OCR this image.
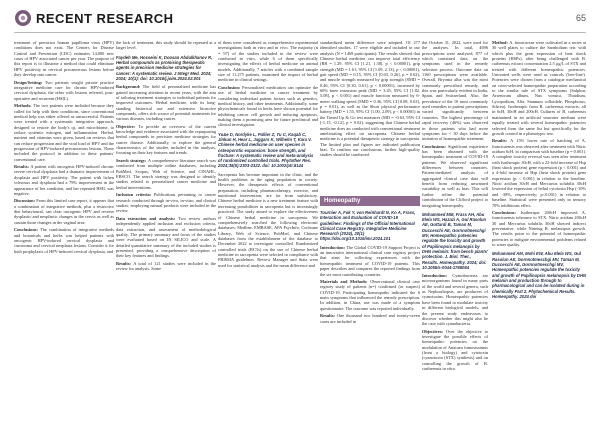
RECENT RESEARCH	65

treatment of precursor human papilloma virus (HPV) conditions does not exist. The Centers for Disease Control and Prevention (CDC) estimates 14,000 new cases of HPV associated cancer per year. The purpose of this report is to illustrate a method that could eliminate HPV positivity in cervical precancerous lesions before they develop into cancer.

Design/Setting: Two patients sought private practice integrative medicine care for chronic HPV-induced cervical dysplasia, the other with lesions referred, post-operative and recurrent (HSIL).

Methods: The two patients were included because they called for help with their conditions, since conventional medical help was either offered as unsuccessful. Patients were treated with a systematic integrative approach, designed to restore the body's qi, and microbiome, to reduce systemic estrogen, and inflammation. Herbal, nutrient and vitamins were given, based on reviews that can reduce progression and the viral load of HPV and the progression of HPV-induced precancerous lesions. These included the protocol in addition to these patients' conventional care.

Results: A patient with oncogenic HPV-induced chronic severe cervical dysplasia had a dramatic improvement of dysplasia and HPV positivity. The patient with lichen sclerosus and dysplasia had a 79% improvement in the appearance of her condition, and her repeated HSIL was negative.

Discussion: From this limited case report, it appears that a combination of integrative methods, plus a restrictive diet behavioural, can clear oncogenic HPV and reverse dysplastic and neoplastic changes in the cervix as well as sustain those changes in the vaginal area.

Conclusions: The combination of integrative methods and botanicals and herbs was helped patients with oncogenic HPV-induced cervical dysplasia and carcinoma and cervical neoplasia lesions. Consider it for both prophylaxis of HPV-induced cervical dysplasia, and

the lack of treatment, this study should be repeated at a larger level.

Faydeh Me, Hosseini K, Doosan Abdulkhanov R, Herbal compounds as promising therapeutic agents in precision medicine strategies for cancer: A systematic review. J Integr Med. 2024; 2024; 10(1): doi: 10.1016/j.joim.2024.02.001

Background: The field of personalized medicine has gained increasing attention in recent years, with the aim of tailoring treatment strategies to individual patients for improved outcomes. Herbal medicine, with its long-standing historical use and extensive bioactive compounds, offers rich source of potential treatments for various diseases, including cancer.

Objective: To provide an overview of the current knowledge and evidence associated with the repurposing herbal compounds in precision medicine strategies for cancer disease. Additionally, to explore the general characteristics of the studies included in the analysis, focusing on their key features and trends.

Search strategy: A comprehensive literature search was conducted from multiple online databases, including PubMed, Scopus, Web of Science, and CINAHL, EBSCO. The search strategy was designed to identify studies related to personalized cancer medicine and herbal interventions.

Inclusion criteria: Publications pertaining to cancer research conducted through in-vivo, in-vitro, and clinical studies, employing natural products were included in the review.

Data extraction and analysis: Two review authors independently applied inclusion and exclusion criteria, data extraction, and assessment of methodological quality. The primary summary and focus of the studies were evaluated based on IN SILICO and scale. A detailed quantitative summary of the included studies is presented, providing a comprehensive description of their key features and findings.

Results: A total of 121 studies were included in the review for analysis. Some

of them were considered as comprehensive experimental investigations both in vitro and in vivo. The majority (n = 97) of the studies included in the review were conducted in vitro, while 6 of them specifically investigating the effects of herbal medicine on animal models. Additionally, 7 articles with a combined sample size of 11,275 patients, examined the impact of herbal medicine in clinical settings.

Conclusion: Personalized medication can optimize the use of herbal medicine in cancer treatment by considering individual patient factors such as genetics, medical history, and other treatments. Additionally, some phytochemicals found in herbs have shown potential for inhibiting cancer cell growth and inducing apoptosis, making them a promising area for future preclinical and clinical investigation.

Yu&e D, Nordyke L, Pallier Z, Yu C, Kaqab C, Jinkun H, Hear L, Jaggars K, Wilhelm T, Kara V. Chinese herbal medicine on user species in osteoporotic expansion: bone strength, and fracture: A systematic review and meta-analysis of randomized controlled trials. Phytother Res. 2024;38(5):2303-2322. doi: 10.1002/ptr.8144

Sarcopenia has become important in the clinic, and the health problems in the aging population in society. However, the therapeutic effects of conventional preparation, including pharmacotherapy, exercise, and nutritional intervention, are far from satisfactory. Chinese herbal medicine is a new treatment feature with increasing possibilities in sarcopenia but is increasingly practiced. The study aimed to explore the effectiveness of Chinese herbal medicine in sarcopenia. We comprehensively searched the following electronic databases: Medline, EMBASE, APA PsycInfo, Cochrane Library, Web of Science, PubMed, and Chinese databases from the establishment of the database to December 2022 to investigate controlled. Randomized controlled trials (RCTs) on the use of Chinese herbal medicine in sarcopenia were selected in compliance with PRISMA guidelines. Review Manager and Stata were used for statistical analysis and the mean difference and

standardized mean difference were adopted. Of 277 identified studies, 17 were eligible and included in our analysis (N = 1469 participants). The results showed that Chinese herbal medicine can improve total efficiency (RR = 1.29, 95% CI [1.21, 1.38], p < 0.00001), grip strength (MD = 1.61, 95% CI [1.09, 2.13], p < 0.00001), gait speed (MD = 0.15, 95% CI [0.03, 0.26], p = 0.02), and muscle strength measured by grip strength (SMD = 0.46, 95% CI [0.30, 0.61], p < 0.00001), increased by 60% knee extension peak (MD = 3.45, 95% CI [1.82, 5.08], p < 0.001) and muscle function measured by 6-meter walking speed (SMD = 0.36, 95% CI [0.08, 0.63], p = 0.01), as well as the Short physical performance battery (MD = 1.55, 95% CI [1.00, 2.09], p < 0.00001) in the Timed Up & Go test measures (MD = -0.63, 95% CI [-1.15, -0.12], p = 0.02), suggesting that Chinese herbal medicine does an conducted with conventional treatment ameliorating effect on sarcopenia. Chinese herbal medicine is a potential therapeutic strategy in sarcopenia. The limited plan and figures are indicated publication bias. To confirm our conclusions, further high-quality studies should be conducted.

Homeopathy
Tournier A, Fok Y, von Reinhardt N, Ko A, Frass, Interaction and Evaluation of COVID-19 guidelines: Findings of the Official International Clinical Case Registry. Integrative Medicine Research (2024), 20(1) https://doi.org/10.1016/imr.2024.101

Introduction: The Global COVID-19 Support Project is an innovative international clinical case registry project that aims for collecting experiences with the homeopathic treatment of COVID-19 patients. This paper describes and compares the reported findings from the six most contributing countries.

Materials and Methods: Observational clinical case registry study of patients (n=) confirmed (or suspect) COVID-19. Participating homeopaths indicated the 6 main symptoms that influenced the remedy prescription. In addition, in China, use was made of a symptom questionnaire. The outcome was reported individually.

Results: One thousand two hundred and twenty-seven cases are included in

the October 31, 2022, were used for the analyses. In total, 4696 prescriptions were analysed, 877 of which contained data on the symptoms used in the remedy selection process. Outcome data on 1160 prescriptions were available. Overall, Bryonia alba was the most commonly prescribed remedy, and this was particularly evident in India, Spain, and Switzerland. Also, the prevalence of the 10 most commonly used remedies to patient prescriptions varied significantly between countries. The highest percentage of rapid recovery (46%) was observed in those patients who had more symptoms for < 30 days before the initiation of homeopathic treatment.

Conclusions: Significant experience has been obtained with the homeopathic treatment of COVID-19 patients. We observed significant differences between countries. Patient-mediated analysis of aggregated clinical case data will benefit from reducing unwanted variability as well as bias. This will further refine the potential contribution of the Clifford project to integrating homeopathy.

Mohammed MM, Frass AH, Abu Elela WS, Hazazi A, Gul Rasolun AE, Gottardi B, Taman M, Ducceschi AE, Gornnotmeschgi MV, Homeopathic potencies regulate the toxicity and growth of Papilinopsis melanopis by DHN melanin: from bench plants' protection. J. Biol. Ther., Results. Homeopathy. 2024; doi: 10.1055/s-0044-1788084

Introduction: Cyanobacteria are microorganisms found in many parts of the world and several genera, such as Nephrorhopsis, are producers of cyanotoxins. Homeopathic potencies have been found to modulate toxicity in different biological models, and the present study endeavours to discover whether this might also be the case with cyanobacteria.

Objectives: Over the objective to investigate the possible effects of homeopathic potencies on the modulation of Anacaea fumosissimus (from a biology) and cytotoxin (cyanotoxin (STX) synthesis) and on controlling the growth of B. caribeensis in vitro.

Method: A. fumicaceae were cultivated in a series at 30 well plates to culture the Sarnbolium tetr. with which plus the great expression of heat shock proteins (HSPs), after being challenged with B. carbeensis extract concentration 2.5 µg/L of STX and treated with different homeopathic potencies. Untreated wells were used as controls ('leer-line'). Potencies were chosen from a catalogue mechanical on cross-selected homeopathic preparation according to the similia rule of STX symptoms (Sulphur, Arsenicum album, Nux vomica, Thuidium, Lycopodium, Alfa, Stannum colloidale, Phosphorus, Silicea). Isotherapic from B. carbeensis extracts, all in 6cH, 30cH and 200cH. Cultures of B. carbeensis maintained in an artificial seawater medium were equally treated with several homeopathic potencies selected from the same list but specifically for the growth control in a phenotypic test.

Results: A 15% lower rate of hatching of A. francicaensis was observed after treatment with Nitric acidum 6cH, in comparison with baseline (p = 0.001). A complete toxicity reversal was seen after treatment with Isotherapic 30cH, with a 22-fold increase of Hsp (heat shock protein) gene expression (p < 0.001) and a 4-fold increase of Hsp (heat shock protein) gene expression (p < 0.001) in relation to the baseline. Nitric acidum 30cH and Mercurius solubilis 30cH lowered the expression of lethal cytotoxin Hsp (-10% and -38%, respectively; p<0.001) in relation to baseline. Statistical were presented only in sensory 70% inhibitions effect.

Conclusions: Isotherapic 200cH improved A. francicaensis tolerance to STX. Nitric acidum 200cH 30 and Mercurius solubilis 30cH showed indirect preventative, while Ninetug B. melanopsis growth. The results point to the potential of homeopathic potencies to mitigate environmental problems related to water quality.

Mohammed AM, Mohi EW, Abu Elela WS, Gul Rasolun AE, Gornnotmeschgi MV, Taman M, Ducceschi AE, Gornnotmeschgi MV, Homeopathic potencies regulate the toxicity and growth of Papilinopsis melanopsis by DHN melanin and production through to pharmacological and can be isolated during in chemically Part 2. Phytochemical Results. Homeopathy. 2024 doi
